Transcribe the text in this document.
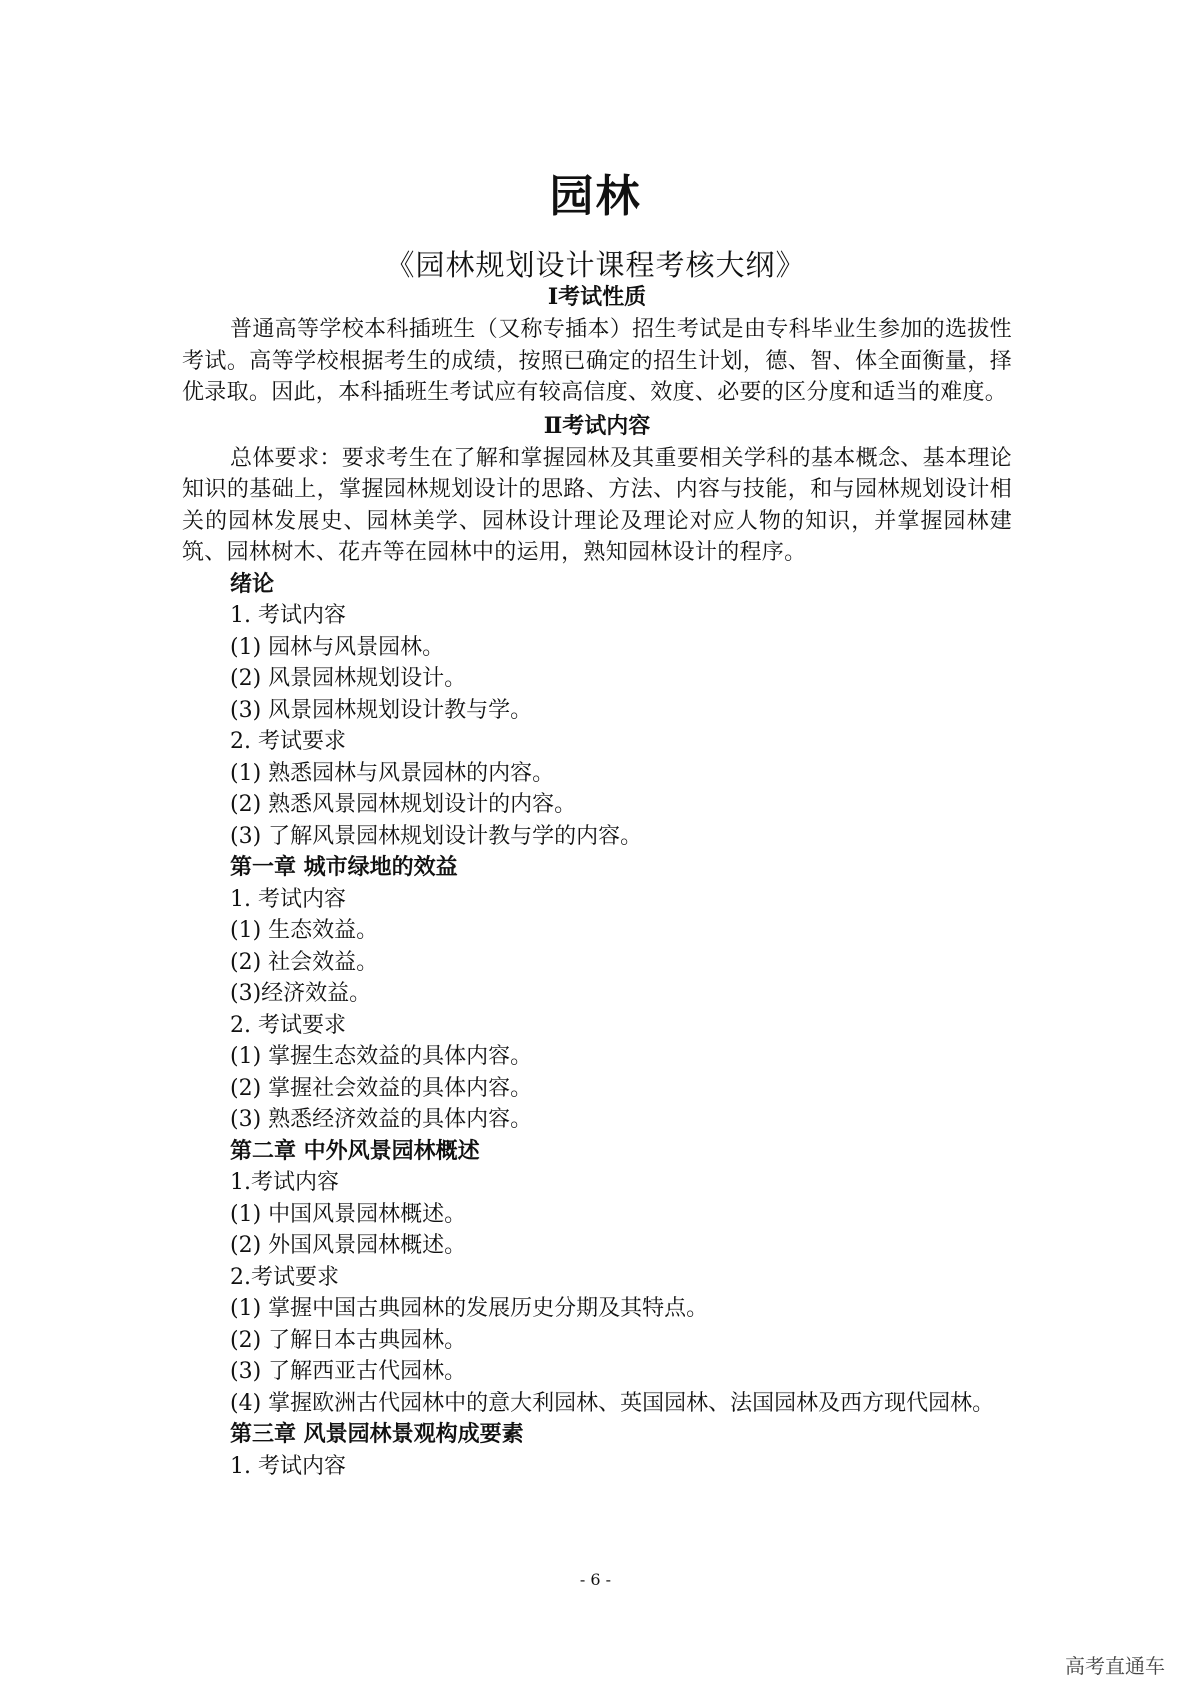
园林
《园林规划设计课程考核大纲》
Ⅰ考试性质
普通高等学校本科插班生（又称专插本）招生考试是由专科毕业生参加的选拔性考试。高等学校根据考生的成绩，按照已确定的招生计划，德、智、体全面衡量，择优录取。因此，本科插班生考试应有较高信度、效度、必要的区分度和适当的难度。
Ⅱ考试内容
总体要求：要求考生在了解和掌握园林及其重要相关学科的基本概念、基本理论知识的基础上，掌握园林规划设计的思路、方法、内容与技能，和与园林规划设计相关的园林发展史、园林美学、园林设计理论及理论对应人物的知识，并掌握园林建筑、园林树木、花卉等在园林中的运用，熟知园林设计的程序。
绪论
1. 考试内容
(1) 园林与风景园林。
(2) 风景园林规划设计。
(3) 风景园林规划设计教与学。
2. 考试要求
(1) 熟悉园林与风景园林的内容。
(2) 熟悉风景园林规划设计的内容。
(3) 了解风景园林规划设计教与学的内容。
第一章 城市绿地的效益
1. 考试内容
(1) 生态效益。
(2) 社会效益。
(3)经济效益。
2. 考试要求
(1) 掌握生态效益的具体内容。
(2) 掌握社会效益的具体内容。
(3) 熟悉经济效益的具体内容。
第二章 中外风景园林概述
1.考试内容
(1) 中国风景园林概述。
(2) 外国风景园林概述。
2.考试要求
(1) 掌握中国古典园林的发展历史分期及其特点。
(2) 了解日本古典园林。
(3) 了解西亚古代园林。
(4) 掌握欧洲古代园林中的意大利园林、英国园林、法国园林及西方现代园林。
第三章 风景园林景观构成要素
1. 考试内容
- 6 -
高考直通车
